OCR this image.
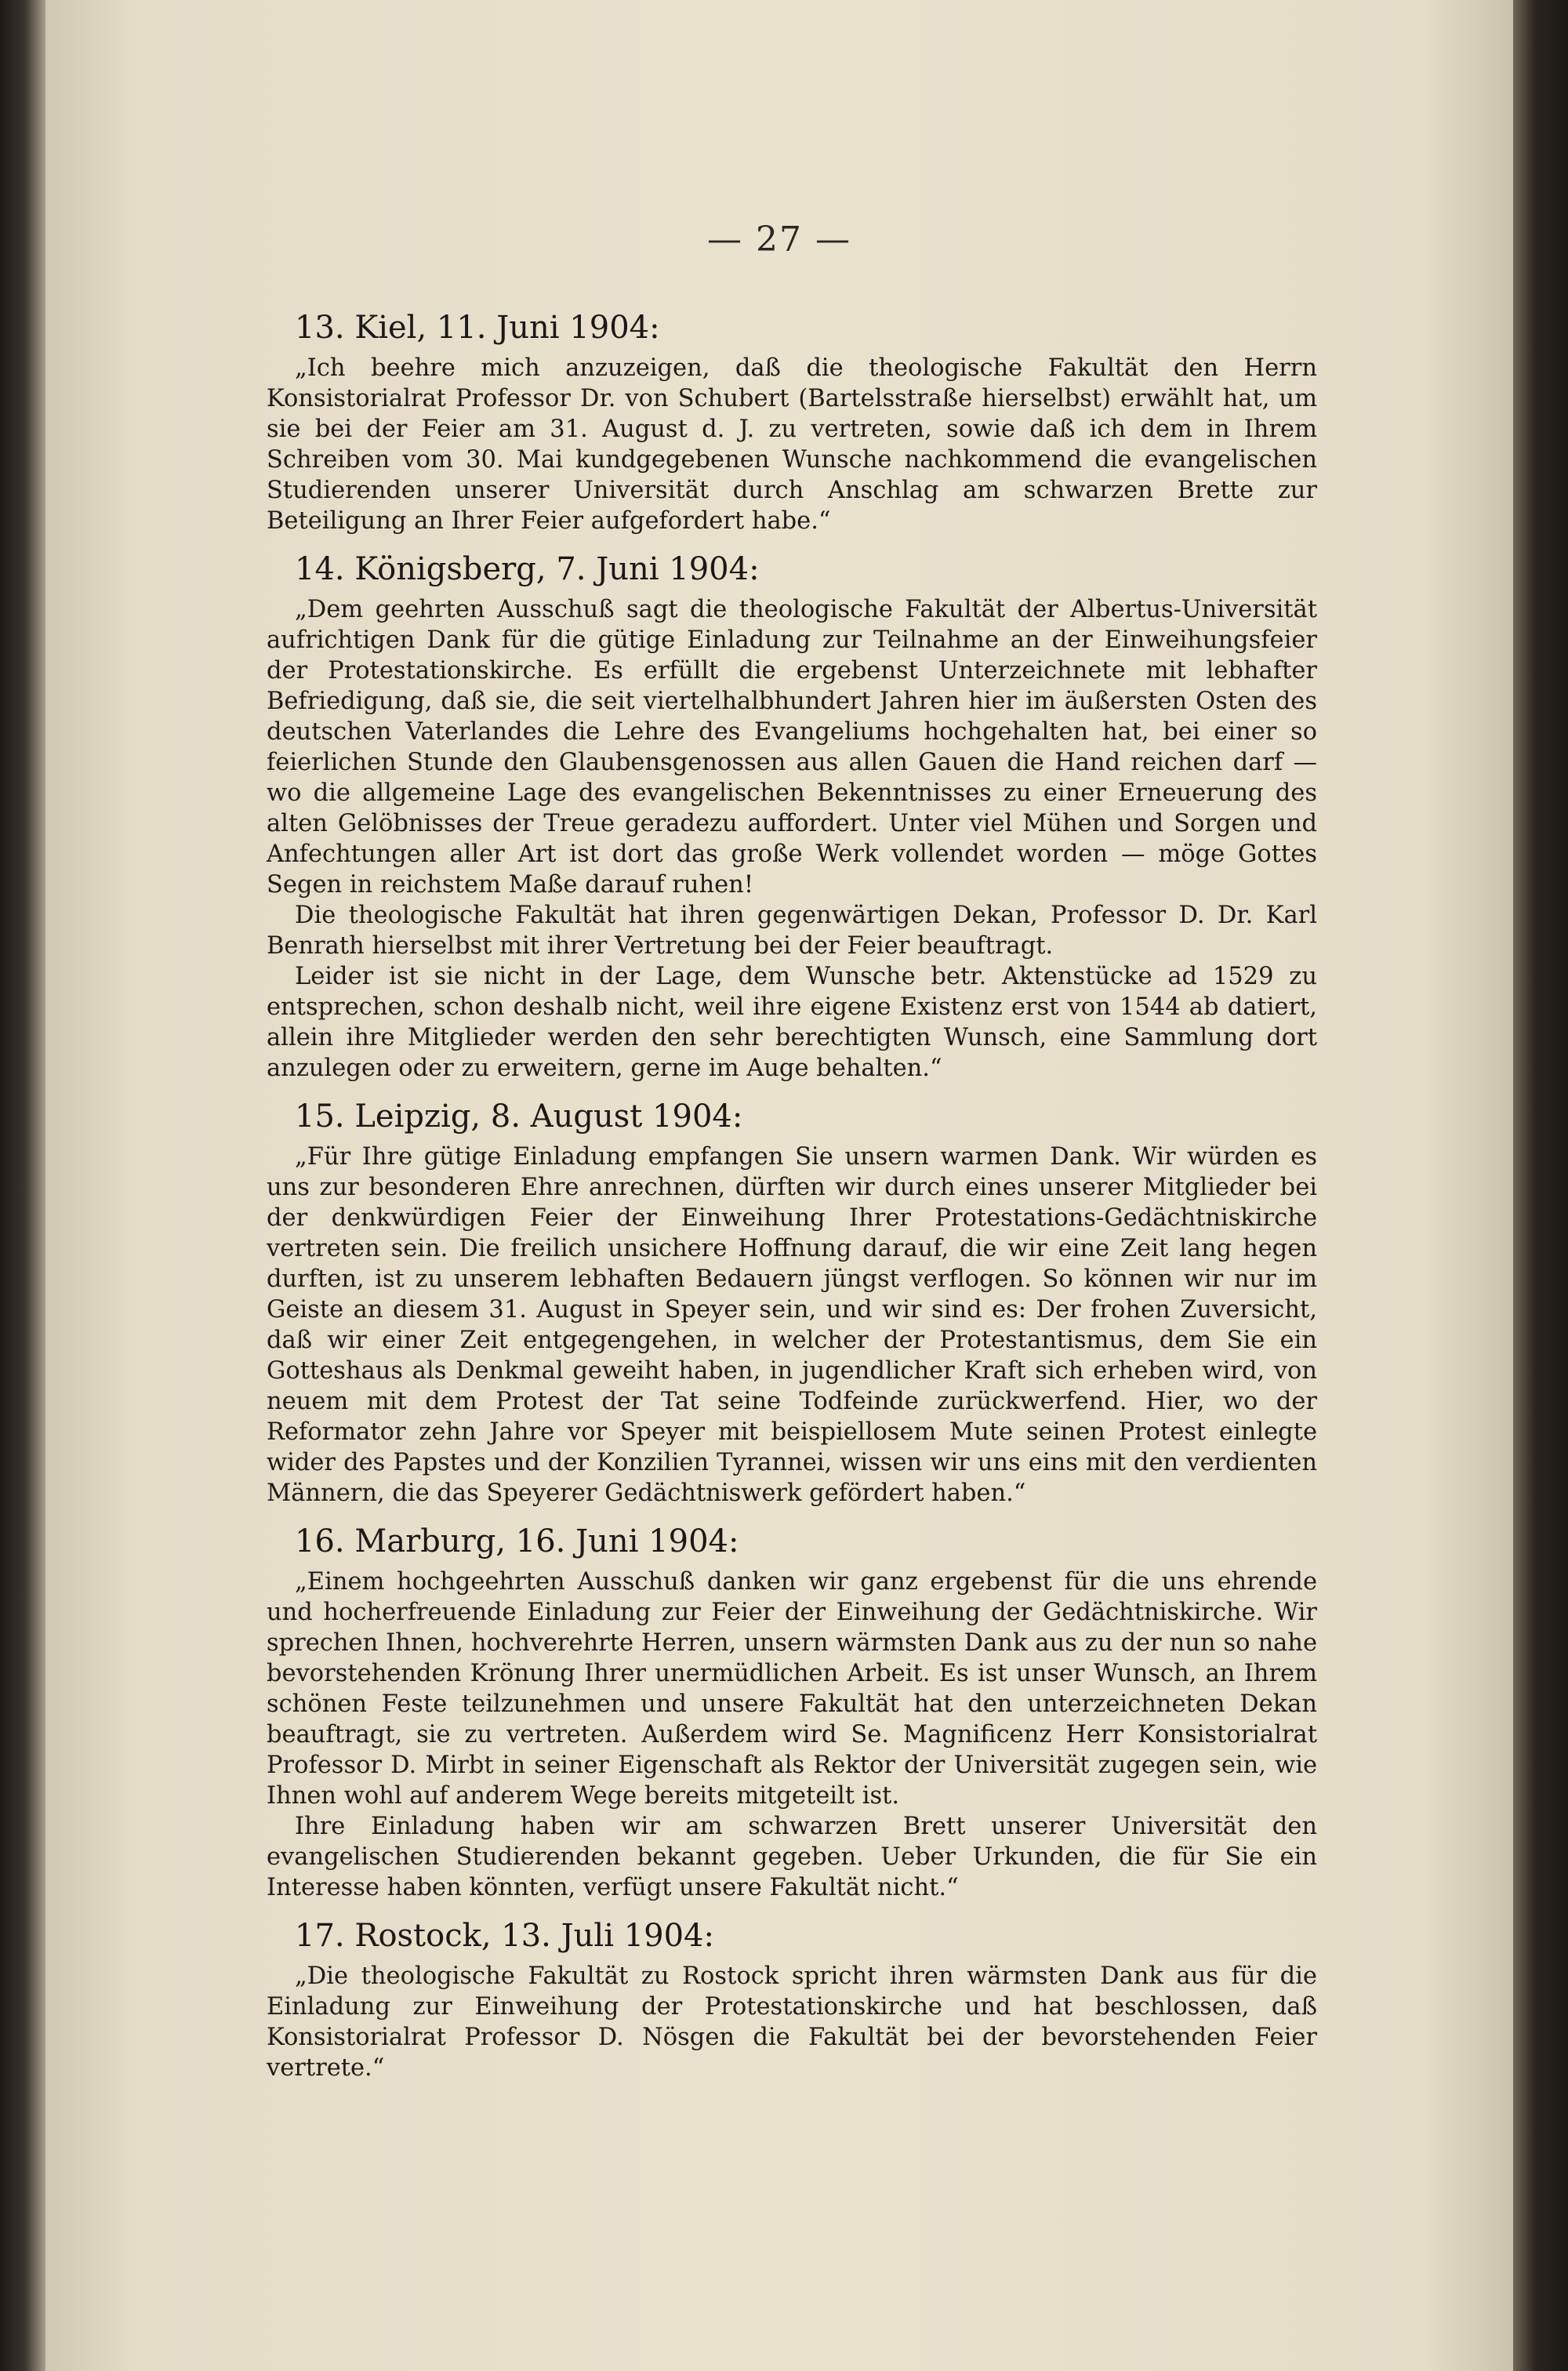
— 27 —
13. Kiel, 11. Juni 1904:

„Ich beehre mich anzuzeigen, daß die theologische Fakultät den Herrn Konsistorialrat Professor Dr. von Schubert (Bartelsstraße hierselbst) erwählt hat, um sie bei der Feier am 31. August d. J. zu vertreten, sowie daß ich dem in Ihrem Schreiben vom 30. Mai kundgegebenen Wunsche nachkommend die evangelischen Studierenden unserer Universität durch Anschlag am schwarzen Brette zur Beteiligung an Ihrer Feier aufgefordert habe.“

14. Königsberg, 7. Juni 1904:

„Dem geehrten Ausschuß sagt die theologische Fakultät der Albertus-Universität aufrichtigen Dank für die gütige Einladung zur Teilnahme an der Einweihungsfeier der Protestationskirche. Es erfüllt die ergebenst Unterzeichnete mit lebhafter Befriedigung, daß sie, die seit viertelhalbhundert Jahren hier im äußersten Osten des deutschen Vaterlandes die Lehre des Evangeliums hochgehalten hat, bei einer so feierlichen Stunde den Glaubensgenossen aus allen Gauen die Hand reichen darf — wo die allgemeine Lage des evangelischen Bekenntnisses zu einer Erneuerung des alten Gelöbnisses der Treue geradezu auffordert. Unter viel Mühen und Sorgen und Anfechtungen aller Art ist dort das große Werk vollendet worden — möge Gottes Segen in reichstem Maße darauf ruhen!

Die theologische Fakultät hat ihren gegenwärtigen Dekan, Professor D. Dr. Karl Benrath hierselbst mit ihrer Vertretung bei der Feier beauftragt.

Leider ist sie nicht in der Lage, dem Wunsche betr. Aktenstücke ad 1529 zu entsprechen, schon deshalb nicht, weil ihre eigene Existenz erst von 1544 ab datiert, allein ihre Mitglieder werden den sehr berechtigten Wunsch, eine Sammlung dort anzulegen oder zu erweitern, gerne im Auge behalten.“

15. Leipzig, 8. August 1904:

„Für Ihre gütige Einladung empfangen Sie unsern warmen Dank. Wir würden es uns zur besonderen Ehre anrechnen, dürften wir durch eines unserer Mitglieder bei der denkwürdigen Feier der Einweihung Ihrer Protestations-Gedächtniskirche vertreten sein. Die freilich unsichere Hoffnung darauf, die wir eine Zeit lang hegen durften, ist zu unserem lebhaften Bedauern jüngst verflogen. So können wir nur im Geiste an diesem 31. August in Speyer sein, und wir sind es: Der frohen Zuversicht, daß wir einer Zeit entgegengehen, in welcher der Protestantismus, dem Sie ein Gotteshaus als Denkmal geweiht haben, in jugendlicher Kraft sich erheben wird, von neuem mit dem Protest der Tat seine Todfeinde zurückwerfend. Hier, wo der Reformator zehn Jahre vor Speyer mit beispiellosem Mute seinen Protest einlegte wider des Papstes und der Konzilien Tyrannei, wissen wir uns eins mit den verdienten Männern, die das Speyerer Gedächtniswerk gefördert haben.“

16. Marburg, 16. Juni 1904:

„Einem hochgeehrten Ausschuß danken wir ganz ergebenst für die uns ehrende und hocherfreuende Einladung zur Feier der Einweihung der Gedächtniskirche. Wir sprechen Ihnen, hochverehrte Herren, unsern wärmsten Dank aus zu der nun so nahe bevorstehenden Krönung Ihrer unermüdlichen Arbeit. Es ist unser Wunsch, an Ihrem schönen Feste teilzunehmen und unsere Fakultät hat den unterzeichneten Dekan beauftragt, sie zu vertreten. Außerdem wird Se. Magnificenz Herr Konsistorialrat Professor D. Mirbt in seiner Eigenschaft als Rektor der Universität zugegen sein, wie Ihnen wohl auf anderem Wege bereits mitgeteilt ist.

Ihre Einladung haben wir am schwarzen Brett unserer Universität den evangelischen Studierenden bekannt gegeben. Ueber Urkunden, die für Sie ein Interesse haben könnten, verfügt unsere Fakultät nicht.“

17. Rostock, 13. Juli 1904:

„Die theologische Fakultät zu Rostock spricht ihren wärmsten Dank aus für die Einladung zur Einweihung der Protestationskirche und hat beschlossen, daß Konsistorialrat Professor D. Nösgen die Fakultät bei der bevorstehenden Feier vertrete.“
